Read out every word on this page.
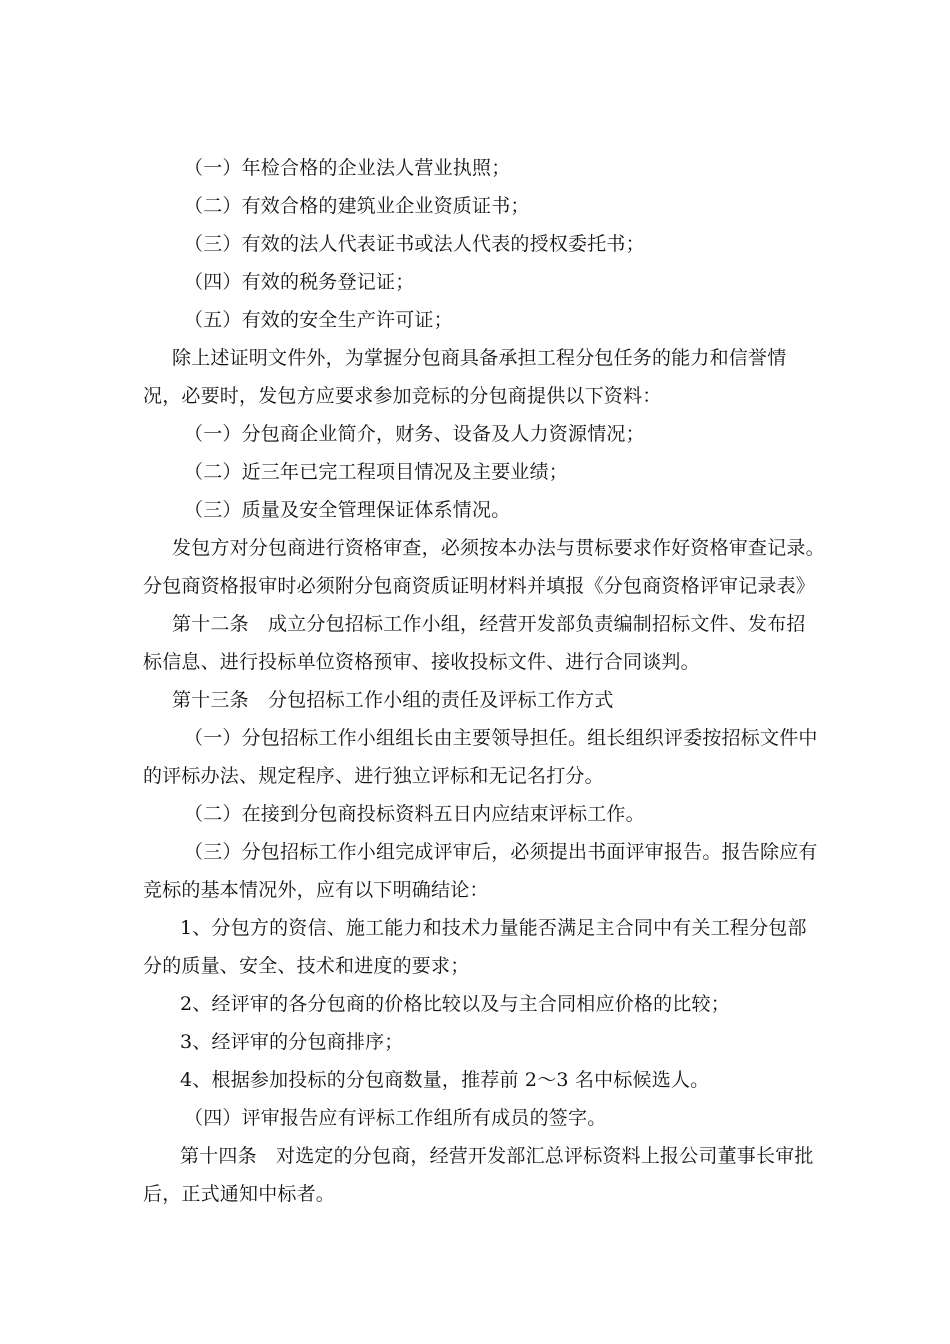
（一）年检合格的企业法人营业执照；
（二）有效合格的建筑业企业资质证书；
（三）有效的法人代表证书或法人代表的授权委托书；
（四）有效的税务登记证；
（五）有效的安全生产许可证；
除上述证明文件外，为掌握分包商具备承担工程分包任务的能力和信誉情
况，必要时，发包方应要求参加竞标的分包商提供以下资料：
（一）分包商企业简介，财务、设备及人力资源情况；
（二）近三年已完工程项目情况及主要业绩；
（三）质量及安全管理保证体系情况。
发包方对分包商进行资格审查，必须按本办法与贯标要求作好资格审查记录。
分包商资格报审时必须附分包商资质证明材料并填报《分包商资格评审记录表》
第十二条　成立分包招标工作小组，经营开发部负责编制招标文件、发布招
标信息、进行投标单位资格预审、接收投标文件、进行合同谈判。
第十三条　分包招标工作小组的责任及评标工作方式
（一）分包招标工作小组组长由主要领导担任。组长组织评委按招标文件中
的评标办法、规定程序、进行独立评标和无记名打分。
（二）在接到分包商投标资料五日内应结束评标工作。
（三）分包招标工作小组完成评审后，必须提出书面评审报告。报告除应有
竞标的基本情况外，应有以下明确结论：
1、分包方的资信、施工能力和技术力量能否满足主合同中有关工程分包部
分的质量、安全、技术和进度的要求；
2、经评审的各分包商的价格比较以及与主合同相应价格的比较；
3、经评审的分包商排序；
4、根据参加投标的分包商数量，推荐前 2～3 名中标候选人。
（四）评审报告应有评标工作组所有成员的签字。
第十四条　对选定的分包商，经营开发部汇总评标资料上报公司董事长审批
后，正式通知中标者。
